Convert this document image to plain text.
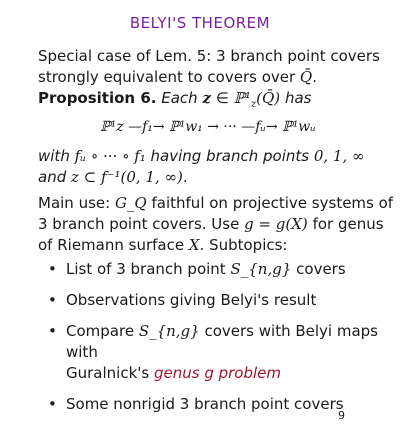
BELYI'S THEOREM
Special case of Lem. 5: 3 branch point covers
strongly equivalent to covers over Q̄.
Proposition 6. Each z ∈ $ℙ^1_z(Q̄)$ has
ℙ¹z —f₁→ ℙ¹w₁ → ··· —fᵤ→ ℙ¹wᵤ
with fᵤ ∘ ··· ∘ f₁ having branch points 0, 1, ∞
and z ⊂ f⁻¹(0, 1, ∞).
Main use: G_Q faithful on projective systems of
3 branch point covers. Use g = g(X) for genus
of Riemann surface X. Subtopics:
• List of 3 branch point S_{n,g} covers
• Observations giving Belyi's result
• Compare S_{n,g} covers with Belyi maps with
Guralnick's genus g problem
• Some nonrigid 3 branch point covers
9
